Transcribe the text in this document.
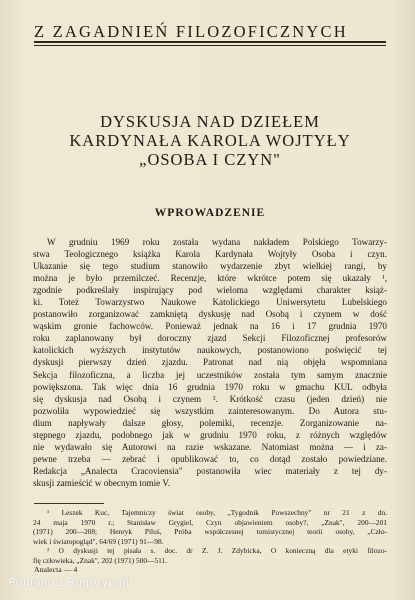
Z ZAGADNIEŃ FILOZOFICZNYCH
DYSKUSJA NAD DZIEŁEM
KARDYNAŁA KAROLA WOJTYŁY
„OSOBA I CZYN"
WPROWADZENIE
W grudniu 1969 roku została wydana nakładem Polskiego Towarzy-
stwa Teologicznego książka Karola Kardynała Wojtyły Osoba i czyn.
Ukazanie się tego studium stanowiło wydarzenie zbyt wielkiej rangi, by
można je było przemilczeć. Recenzje, które wkrótce potem się ukazały ¹,
zgodnie podkreślały inspirujący pod wieloma względami charakter książ-
ki. Toteż Towarzystwo Naukowe Katolickiego Uniwersytetu Lubelskiego
postanowiło zorganizować zamkniętą dyskusję nad Osobą i czynem w dość
wąskim gronie fachowców. Ponieważ jednak na 16 i 17 grudnia 1970
roku zaplanowany był doroczny zjazd Sekcji Filozoficznej profesorów
katolickich wyższych instytutów naukowych, postanowiono poświęcić tej
dyskusji pierwszy dzień zjazdu. Patronat nad nią objęła wspomniana
Sekcja filozoficzna, a liczba jej uczestników została tym samym znacznie
powiększona. Tak więc dnia 16 grudnia 1970 roku w gmachu KUL odbyła
się dyskusja nad Osobą i czynem ². Krótkość czasu (jeden dzień) nie
pozwoliła wypowiedzieć się wszystkim zainteresowanym. Do Autora stu-
dium napływały dalsze głosy, polemiki, recenzje. Zorganizowanie na-
stępnego zjazdu, podobnego jak w grudniu 1970 roku, z różnych względów
nie wydawało się Autorowi na razie wskazane. Natomiast można — i za-
pewne trzeba — zebrać i opublikować to, co dotąd zostało powiedziane.
Redakcja „Analecta Cracoviensia" postanowiła wiec materiały z tej dy-
skusji zamieścić w obecnym tomie V.
¹ Leszek Kuc, Tajemniczy świat osoby, „Tygodnik Powszechny" nr 21 z dn.
24 maja 1970 r.; Stanisław Grygiel, Czyn objawieniem osoby?, „Znak", 200—201
(1971) 200—208; Henryk Piluś, Próba współczesnej tomistycznej teorii osoby, „Czło-
wiek i światopogląd", 64/69 (1971) 91—98.
² O dyskusji tej pisała s. doc. dr Z. J. Zdybicka, O konieczną dla etyki filozo-
fię człowieka, „Znak", 202 (1971) 500—511.
Analecta — 4
Pobrano z Rogozyp.pl
